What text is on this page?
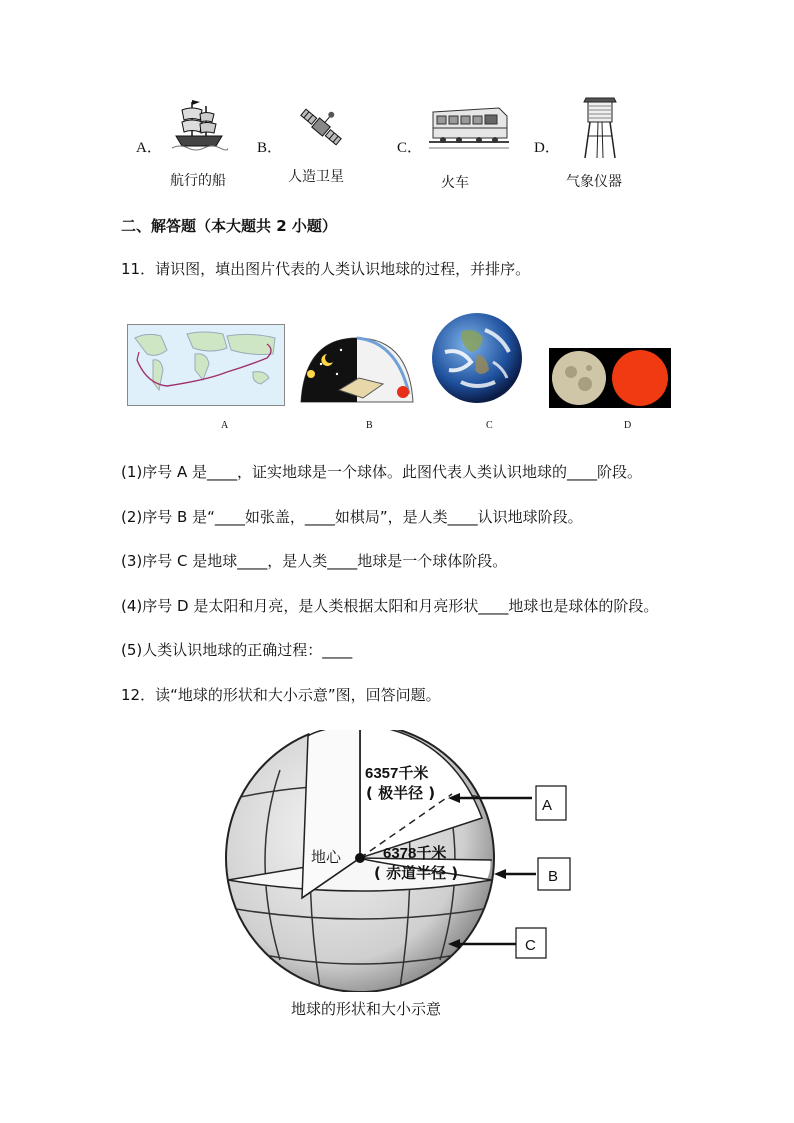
A．	B．	C．	D．
航行的船	人造卫星	火车	气象仪器
二、解答题（本大题共 2 小题）
11．请识图，填出图片代表的人类认识地球的过程，并排序。
A	B	C	D
(1)序号 A 是____，证实地球是一个球体。此图代表人类认识地球的____阶段。
(2)序号 B 是“____如张盖，____如棋局”，是人类____认识地球阶段。
(3)序号 C 是地球____，是人类____地球是一个球体阶段。
(4)序号 D 是太阳和月亮，是人类根据太阳和月亮形状____地球也是球体的阶段。
(5)人类认识地球的正确过程：____
12．读“地球的形状和大小示意”图，回答问题。
6357千米
( 极半径 )
6378千米
( 赤道半径 )
地心
A
B
C
地球的形状和大小示意
